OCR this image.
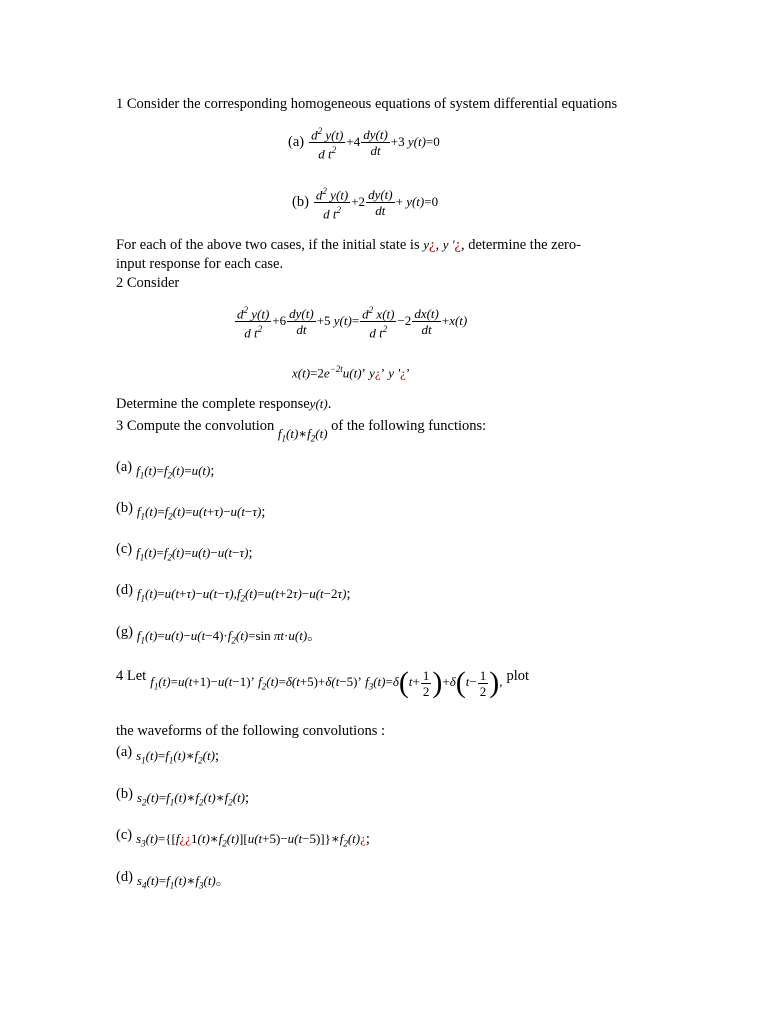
1 Consider the corresponding homogeneous equations of system differential equations
$(a) \frac{d^2 y(t)}{d t^2} +4 \frac{dy(t)}{dt} +3$ y(t)=0
$(b) \frac{d^2 y(t)}{d t^2} +2 \frac{dy(t)}{dt} + y(t)=0$
For each of the above two cases, if the initial state is y¿, y '¿, determine the zero-
input response for each case.
2 Consider
$\frac{d^2 y(t)}{d t^2} +6 \frac{dy(t)}{dt} +5$ $y(t)= \frac{d^2 x(t)}{d t^2} -2 \frac{dx(t)}{dt} +x(t)$
$x(t)=2e^{-2t}u(t)$’ y¿’ y '¿’
Determine the complete responsey(t).
3 Compute the convolution $f_1(t)∗f_2(t)$ of the following functions:
(a) $f_1(t)=f_2(t)=u(t)$;
(b) $f_1(t)=f_2(t)=u(t+\tau)-u(t-\tau)$;
(c) $f_1(t)=f_2(t)=u(t)-u(t-\tau)$;
(d) $f_1(t)=u(t+\tau)-u(t-\tau),f_2(t)=u(t+2\tau)-u(t-2\tau)$;
(g) $f_1(t)=u(t)-u(t-4)\cdot f_2(t)=\sin$ πt·u(t)。
4 Let $f_1(t)=u(t+1)-u(t-1)$’ $f_2(t)=\delta(t+5)+\delta(t-5)$’ $f_3(t)=\delta(t+ \frac{1}{2} )+\delta(t- \frac{1}{2}$ ), plot
the waveforms of the following convolutions :
(a) $s_1(t)=f_1(t)∗f_2(t)$;
(b) $s_2(t)=f_1(t)∗f_2(t)∗f_2(t)$;
(c) $s_3(t)=\{[f¿¿1(t)∗f_2(t)][u(t+5)-u(t-5)]\}∗f_2(t)¿$;
(d) $s_4(t)=f_1(t)∗f_3(t)$。
